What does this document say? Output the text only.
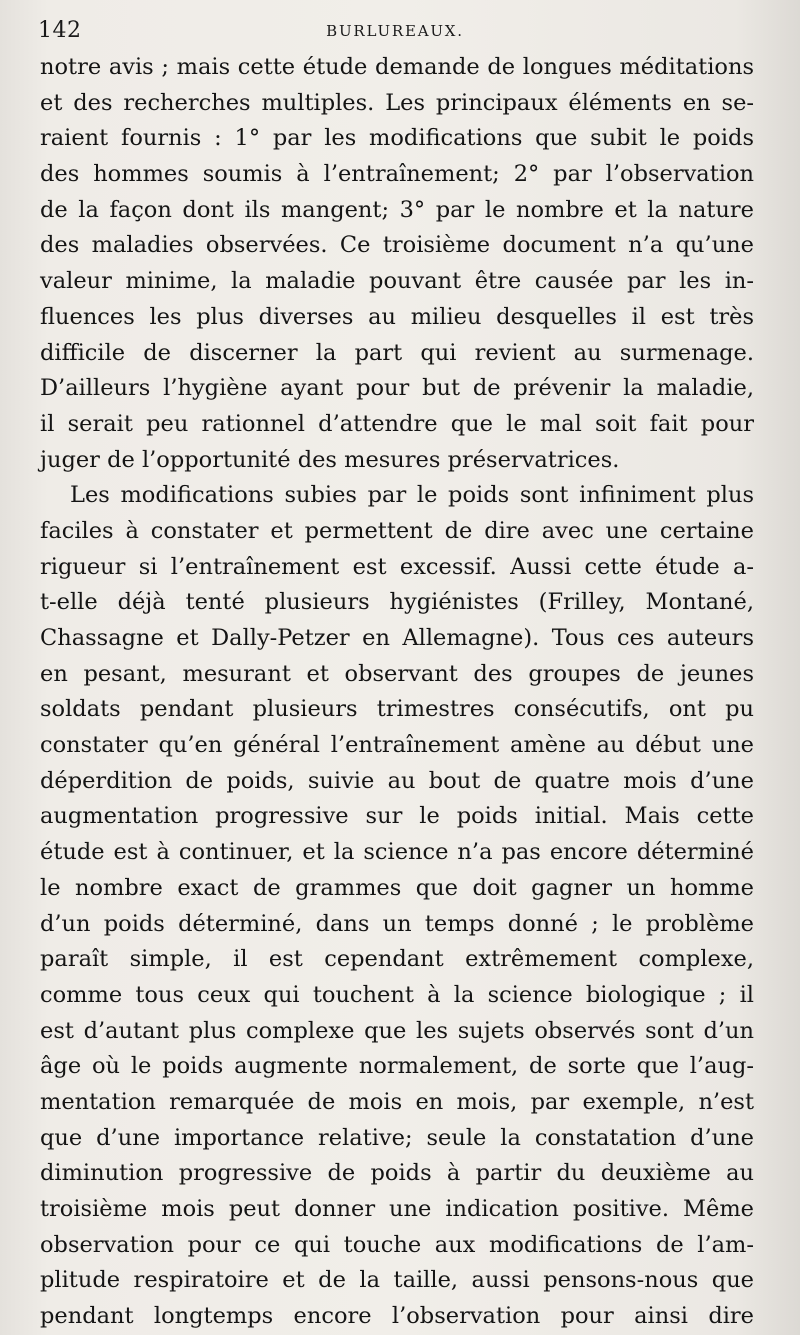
142	BURLUREAUX.
notre avis ; mais cette étude demande de longues méditations
et des recherches multiples. Les principaux éléments en se-
raient fournis : 1° par les modifications que subit le poids
des hommes soumis à l’entraînement; 2° par l’observation
de la façon dont ils mangent; 3° par le nombre et la nature
des maladies observées. Ce troisième document n’a qu’une
valeur minime, la maladie pouvant être causée par les in-
fluences les plus diverses au milieu desquelles il est très
difficile de discerner la part qui revient au surmenage.
D’ailleurs l’hygiène ayant pour but de prévenir la maladie,
il serait peu rationnel d’attendre que le mal soit fait pour
juger de l’opportunité des mesures préservatrices.
Les modifications subies par le poids sont infiniment plus
faciles à constater et permettent de dire avec une certaine
rigueur si l’entraînement est excessif. Aussi cette étude a-
t-elle déjà tenté plusieurs hygiénistes (Frilley, Montané,
Chassagne et Dally-Petzer en Allemagne). Tous ces auteurs
en pesant, mesurant et observant des groupes de jeunes
soldats pendant plusieurs trimestres consécutifs, ont pu
constater qu’en général l’entraînement amène au début une
déperdition de poids, suivie au bout de quatre mois d’une
augmentation progressive sur le poids initial. Mais cette
étude est à continuer, et la science n’a pas encore déterminé
le nombre exact de grammes que doit gagner un homme
d’un poids déterminé, dans un temps donné ; le problème
paraît simple, il est cependant extrêmement complexe,
comme tous ceux qui touchent à la science biologique ; il
est d’autant plus complexe que les sujets observés sont d’un
âge où le poids augmente normalement, de sorte que l’aug-
mentation remarquée de mois en mois, par exemple, n’est
que d’une importance relative; seule la constatation d’une
diminution progressive de poids à partir du deuxième au
troisième mois peut donner une indication positive. Même
observation pour ce qui touche aux modifications de l’am-
plitude respiratoire et de la taille, aussi pensons-nous que
pendant longtemps encore l’observation pour ainsi dire
